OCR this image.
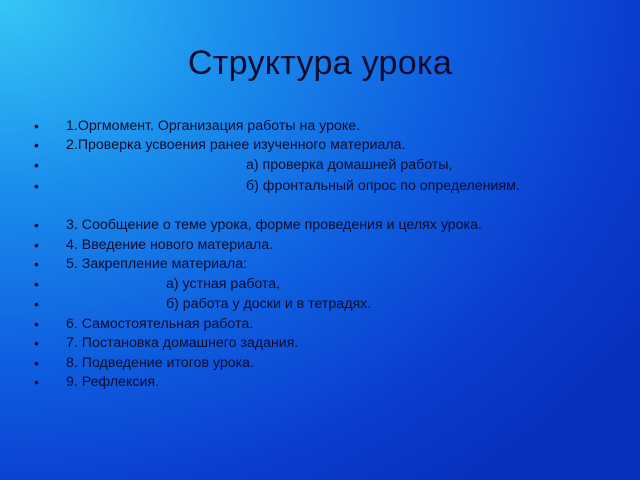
Структура урока
• 1.Оргмомент. Организация работы на уроке.
• 2.Проверка усвоения ранее изученного материала.
•	а) проверка домашней работы,
•	б) фронтальный опрос по определениям.
• 3. Сообщение о теме урока, форме проведения и целях урока.
• 4. Введение нового материала.
• 5. Закрепление материала:
•	а) устная работа,
•	б) работа у доски и в тетрадях.
• 6. Самостоятельная работа.
• 7. Постановка домашнего задания.
• 8. Подведение итогов урока.
• 9. Рефлексия.
